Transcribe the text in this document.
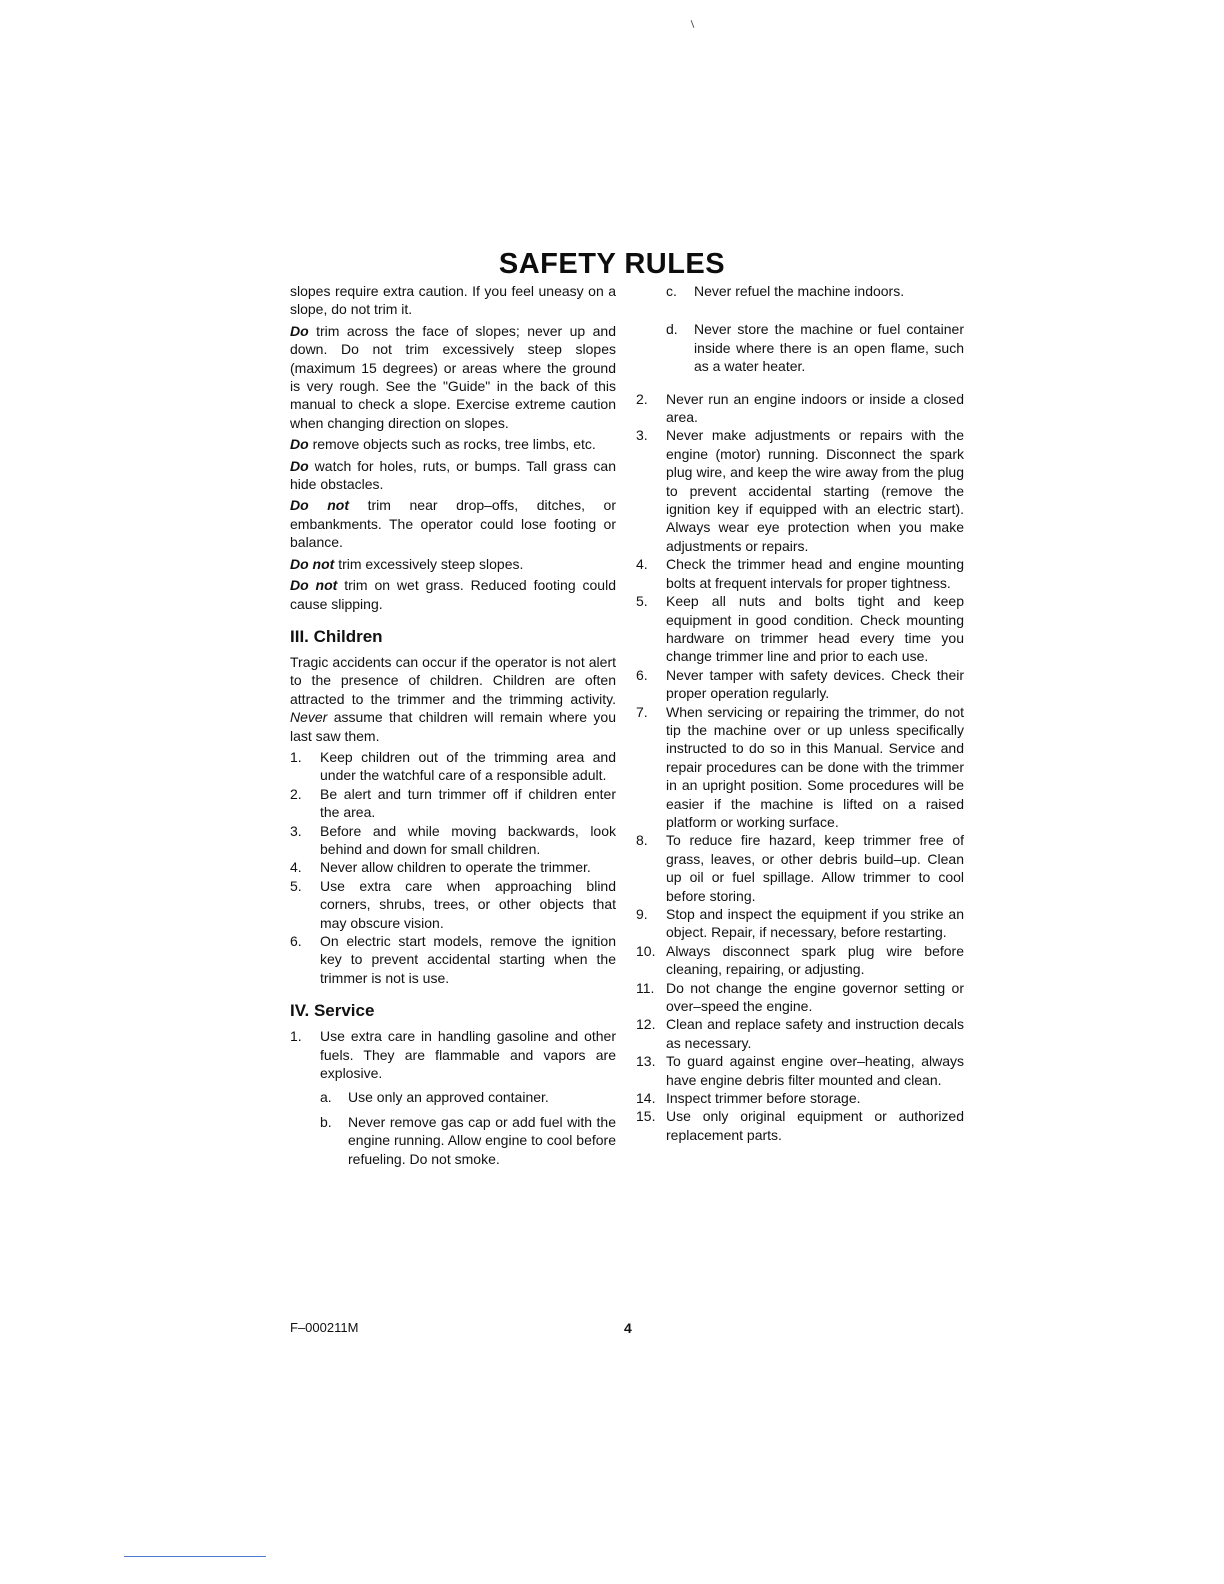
SAFETY RULES

slopes require extra caution. If you feel uneasy on a slope, do not trim it.

Do trim across the face of slopes; never up and down. Do not trim excessively steep slopes (maximum 15 degrees) or areas where the ground is very rough. See the "Guide" in the back of this manual to check a slope. Exercise extreme caution when changing direction on slopes.

Do remove objects such as rocks, tree limbs, etc.

Do watch for holes, ruts, or bumps. Tall grass can hide obstacles.

Do not trim near drop–offs, ditches, or embankments. The operator could lose footing or balance.

Do not trim excessively steep slopes.

Do not trim on wet grass. Reduced footing could cause slipping.

III. Children

Tragic accidents can occur if the operator is not alert to the presence of children. Children are often attracted to the trimmer and the trimming activity. Never assume that children will remain where you last saw them.

1.	Keep children out of the trimming area and under the watchful care of a responsible adult.
2.	Be alert and turn trimmer off if children enter the area.
3.	Before and while moving backwards, look behind and down for small children.
4.	Never allow children to operate the trimmer.
5.	Use extra care when approaching blind corners, shrubs, trees, or other objects that may obscure vision.
6.	On electric start models, remove the ignition key to prevent accidental starting when the trimmer is not is use.
IV. Service
1.	Use extra care in handling gasoline and other fuels. They are flammable and vapors are explosive.
a. Use only an approved container.
b. Never remove gas cap or add fuel with the engine running. Allow engine to cool before refueling. Do not smoke.
c. Never refuel the machine indoors.
d. Never store the machine or fuel container inside where there is an open flame, such as a water heater.
2.	Never run an engine indoors or inside a closed area.
3.	Never make adjustments or repairs with the engine (motor) running. Disconnect the spark plug wire, and keep the wire away from the plug to prevent accidental starting (remove the ignition key if equipped with an electric start). Always wear eye protection when you make adjustments or repairs.
4.	Check the trimmer head and engine mounting bolts at frequent intervals for proper tightness.
5.	Keep all nuts and bolts tight and keep equipment in good condition. Check mounting hardware on trimmer head every time you change trimmer line and prior to each use.
6.	Never tamper with safety devices. Check their proper operation regularly.
7.	When servicing or repairing the trimmer, do not tip the machine over or up unless specifically instructed to do so in this Manual. Service and repair procedures can be done with the trimmer in an upright position. Some procedures will be easier if the machine is lifted on a raised platform or working surface.
8.	To reduce fire hazard, keep trimmer free of grass, leaves, or other debris build–up. Clean up oil or fuel spillage. Allow trimmer to cool before storing.
9.	Stop and inspect the equipment if you strike an object. Repair, if necessary, before restarting.
10. Always disconnect spark plug wire before cleaning, repairing, or adjusting.
11. Do not change the engine governor setting or over–speed the engine.
12. Clean and replace safety and instruction decals as necessary.
13. To guard against engine over–heating, always have engine debris filter mounted and clean.
14. Inspect trimmer before storage.
15. Use only original equipment or authorized replacement parts.
F–000211M	4
